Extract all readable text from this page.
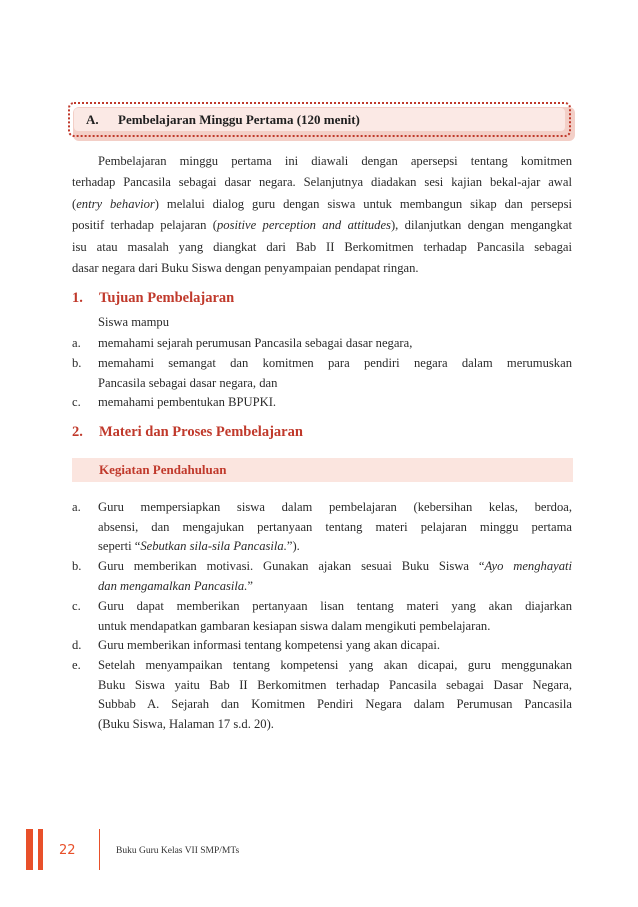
A. Pembelajaran Minggu Pertama (120 menit)
Pembelajaran minggu pertama ini diawali dengan apersepsi tentang komitmen
terhadap Pancasila sebagai dasar negara. Selanjutnya diadakan sesi kajian bekal-ajar awal
(entry behavior) melalui dialog guru dengan siswa untuk membangun sikap dan persepsi
positif terhadap pelajaran (positive perception and attitudes), dilanjutkan dengan mengangkat
isu atau masalah yang diangkat dari Bab II Berkomitmen terhadap Pancasila sebagai
dasar negara dari Buku Siswa dengan penyampaian pendapat ringan.
1. Tujuan Pembelajaran
Siswa mampu
a. memahami sejarah perumusan Pancasila sebagai dasar negara,
b. memahami semangat dan komitmen para pendiri negara dalam merumuskan
Pancasila sebagai dasar negara, dan
c. memahami pembentukan BPUPKI.
2. Materi dan Proses Pembelajaran
Kegiatan Pendahuluan
a. Guru mempersiapkan siswa dalam pembelajaran (kebersihan kelas, berdoa,
absensi, dan mengajukan pertanyaan tentang materi pelajaran minggu pertama
seperti “Sebutkan sila-sila Pancasila.”).
b. Guru memberikan motivasi. Gunakan ajakan sesuai Buku Siswa “Ayo menghayati
dan mengamalkan Pancasila.”
c. Guru dapat memberikan pertanyaan lisan tentang materi yang akan diajarkan
untuk mendapatkan gambaran kesiapan siswa dalam mengikuti pembelajaran.
d. Guru memberikan informasi tentang kompetensi yang akan dicapai.
e. Setelah menyampaikan tentang kompetensi yang akan dicapai, guru menggunakan
Buku Siswa yaitu Bab II Berkomitmen terhadap Pancasila sebagai Dasar Negara,
Subbab A. Sejarah dan Komitmen Pendiri Negara dalam Perumusan Pancasila
(Buku Siswa, Halaman 17 s.d. 20).
22	Buku Guru Kelas VII SMP/MTs
